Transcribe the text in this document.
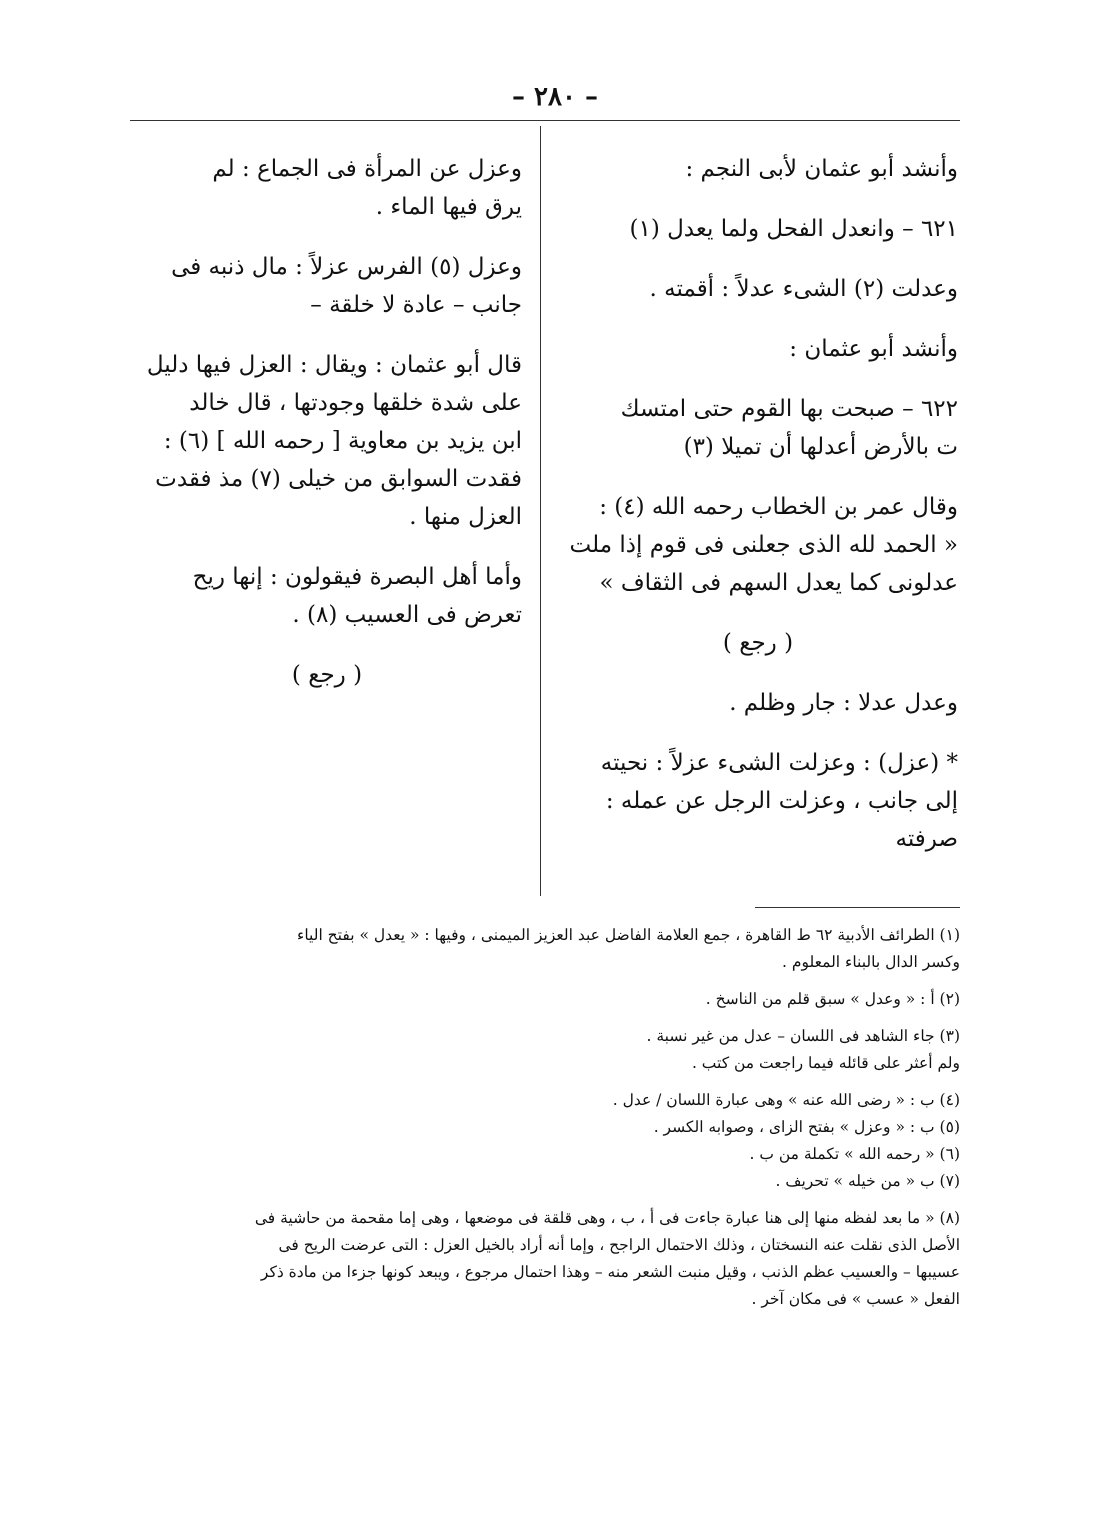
– ٢٨٠ –

وأنشد أبو عثمان لأبى النجم :

٦٢١ – وانعدل الفحل ولما يعدل (١)

وعدلت (٢) الشىء عدلاً : أقمته .

وأنشد أبو عثمان :

٦٢٢ – صبحت بها القوم حتى امتسك

ت بالأرض أعدلها أن تميلا (٣)

وقال عمر بن الخطاب رحمه الله (٤) :

« الحمد لله الذى جعلنى فى قوم إذا ملت

عدلونى كما يعدل السهم فى الثقاف »

( رجع )

وعدل عدلا : جار وظلم .

* (عزل) : وعزلت الشىء عزلاً : نحيته

إلى جانب ، وعزلت الرجل عن عمله : صرفته

وعزل عن المرأة فى الجماع : لم

يرق فيها الماء .

وعزل (٥) الفرس عزلاً : مال ذنبه فى

جانب – عادة لا خلقة –

قال أبو عثمان : ويقال : العزل فيها دليل

على شدة خلقها وجودتها ، قال خالد

ابن يزيد بن معاوية [ رحمه الله ] (٦) :

فقدت السوابق من خيلى (٧) مذ فقدت

العزل منها .

وأما أهل البصرة فيقولون : إنها ريح

تعرض فى العسيب (٨) .

( رجع )

(١) الطرائف الأدبية ٦٢ ط القاهرة ، جمع العلامة الفاضل عبد العزيز الميمنى ، وفيها : « يعدل » بفتح الياء

وكسر الدال بالبناء المعلوم .

(٢) أ : « وعدل » سبق قلم من الناسخ .

(٣) جاء الشاهد فى اللسان – عدل من غير نسبة .

ولم أعثر على قائله فيما راجعت من كتب .

(٤) ب : « رضى الله عنه » وهى عبارة اللسان / عدل .

(٥) ب : « وعزل » بفتح الزاى ، وصوابه الكسر .

(٦) « رحمه الله » تكملة من ب .

(٧) ب « من خيله » تحريف .

(٨) « ما بعد لفظه منها إلى هنا عبارة جاءت فى أ ، ب ، وهى قلقة فى موضعها ، وهى إما مقحمة من حاشية فى

الأصل الذى نقلت عنه النسختان ، وذلك الاحتمال الراجح ، وإما أنه أراد بالخيل العزل : التى عرضت الريح فى

عسيبها – والعسيب عظم الذنب ، وقيل منبت الشعر منه – وهذا احتمال مرجوع ، ويبعد كونها جزءا من مادة ذكر

الفعل « عسب » فى مكان آخر .
